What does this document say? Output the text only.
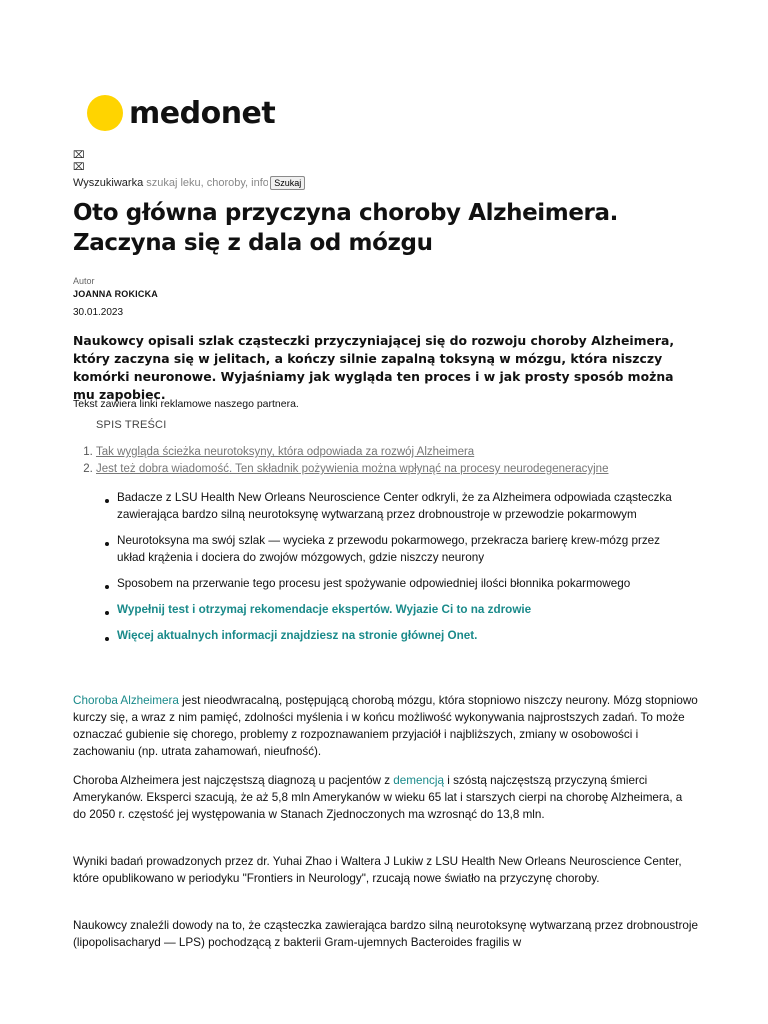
medonet
⌧
⌧
Wyszukiwarka
szukaj leku, choroby, info	Szukaj
Oto główna przyczyna choroby Alzheimera. Zaczyna się z dala od mózgu
Autor
JOANNA ROKICKA
30.01.2023

Naukowcy opisali szlak cząsteczki przyczyniającej się do rozwoju choroby Alzheimera, który zaczyna się w jelitach, a kończy silnie zapalną toksyną w mózgu, która niszczy komórki neuronowe. Wyjaśniamy jak wygląda ten proces i w jak prosty sposób można mu zapobiec.

Tekst zawiera linki reklamowe naszego partnera.
SPIS TREŚCI
1. Tak wygląda ścieżka neurotoksyny, która odpowiada za rozwój Alzheimera
2. Jest też dobra wiadomość. Ten składnik pożywienia można wpłynąć na procesy neurodegeneracyjne
Badacze z LSU Health New Orleans Neuroscience Center odkryli, że za Alzheimera odpowiada cząsteczka zawierająca bardzo silną neurotoksynę wytwarzaną przez drobnoustroje w przewodzie pokarmowym
Neurotoksyna ma swój szlak — wycieka z przewodu pokarmowego, przekracza barierę krew-mózg przez układ krążenia i dociera do zwojów mózgowych, gdzie niszczy neurony
Sposobem na przerwanie tego procesu jest spożywanie odpowiedniej ilości błonnika pokarmowego
Wypełnij test i otrzymaj rekomendacje ekspertów. Wyjazie Ci to na zdrowie
Więcej aktualnych informacji znajdziesz na stronie głównej Onet.

Choroba Alzheimera jest nieodwracalną, postępującą chorobą mózgu, która stopniowo niszczy neurony. Mózg stopniowo kurczy się, a wraz z nim pamięć, zdolności myślenia i w końcu możliwość wykonywania najprostszych zadań. To może oznaczać gubienie się chorego, problemy z rozpoznawaniem przyjaciół i najbliższych, zmiany w osobowości i zachowaniu (np. utrata zahamowań, nieufność).

Choroba Alzheimera jest najczęstszą diagnozą u pacjentów z demencją i szóstą najczęstszą przyczyną śmierci Amerykanów. Eksperci szacują, że aż 5,8 mln Amerykanów w wieku 65 lat i starszych cierpi na chorobę Alzheimera, a do 2050 r. częstość jej występowania w Stanach Zjednoczonych ma wzrosnąć do 13,8 mln.

Wyniki badań prowadzonych przez dr. Yuhai Zhao i Waltera J Lukiw z LSU Health New Orleans Neuroscience Center, które opublikowano w periodyku "Frontiers in Neurology", rzucają nowe światło na przyczynę choroby.

Naukowcy znaleźli dowody na to, że cząsteczka zawierająca bardzo silną neurotoksynę wytwarzaną przez drobnoustroje (lipopolisacharyd — LPS) pochodzącą z bakterii Gram-ujemnych Bacteroides fragilis w
